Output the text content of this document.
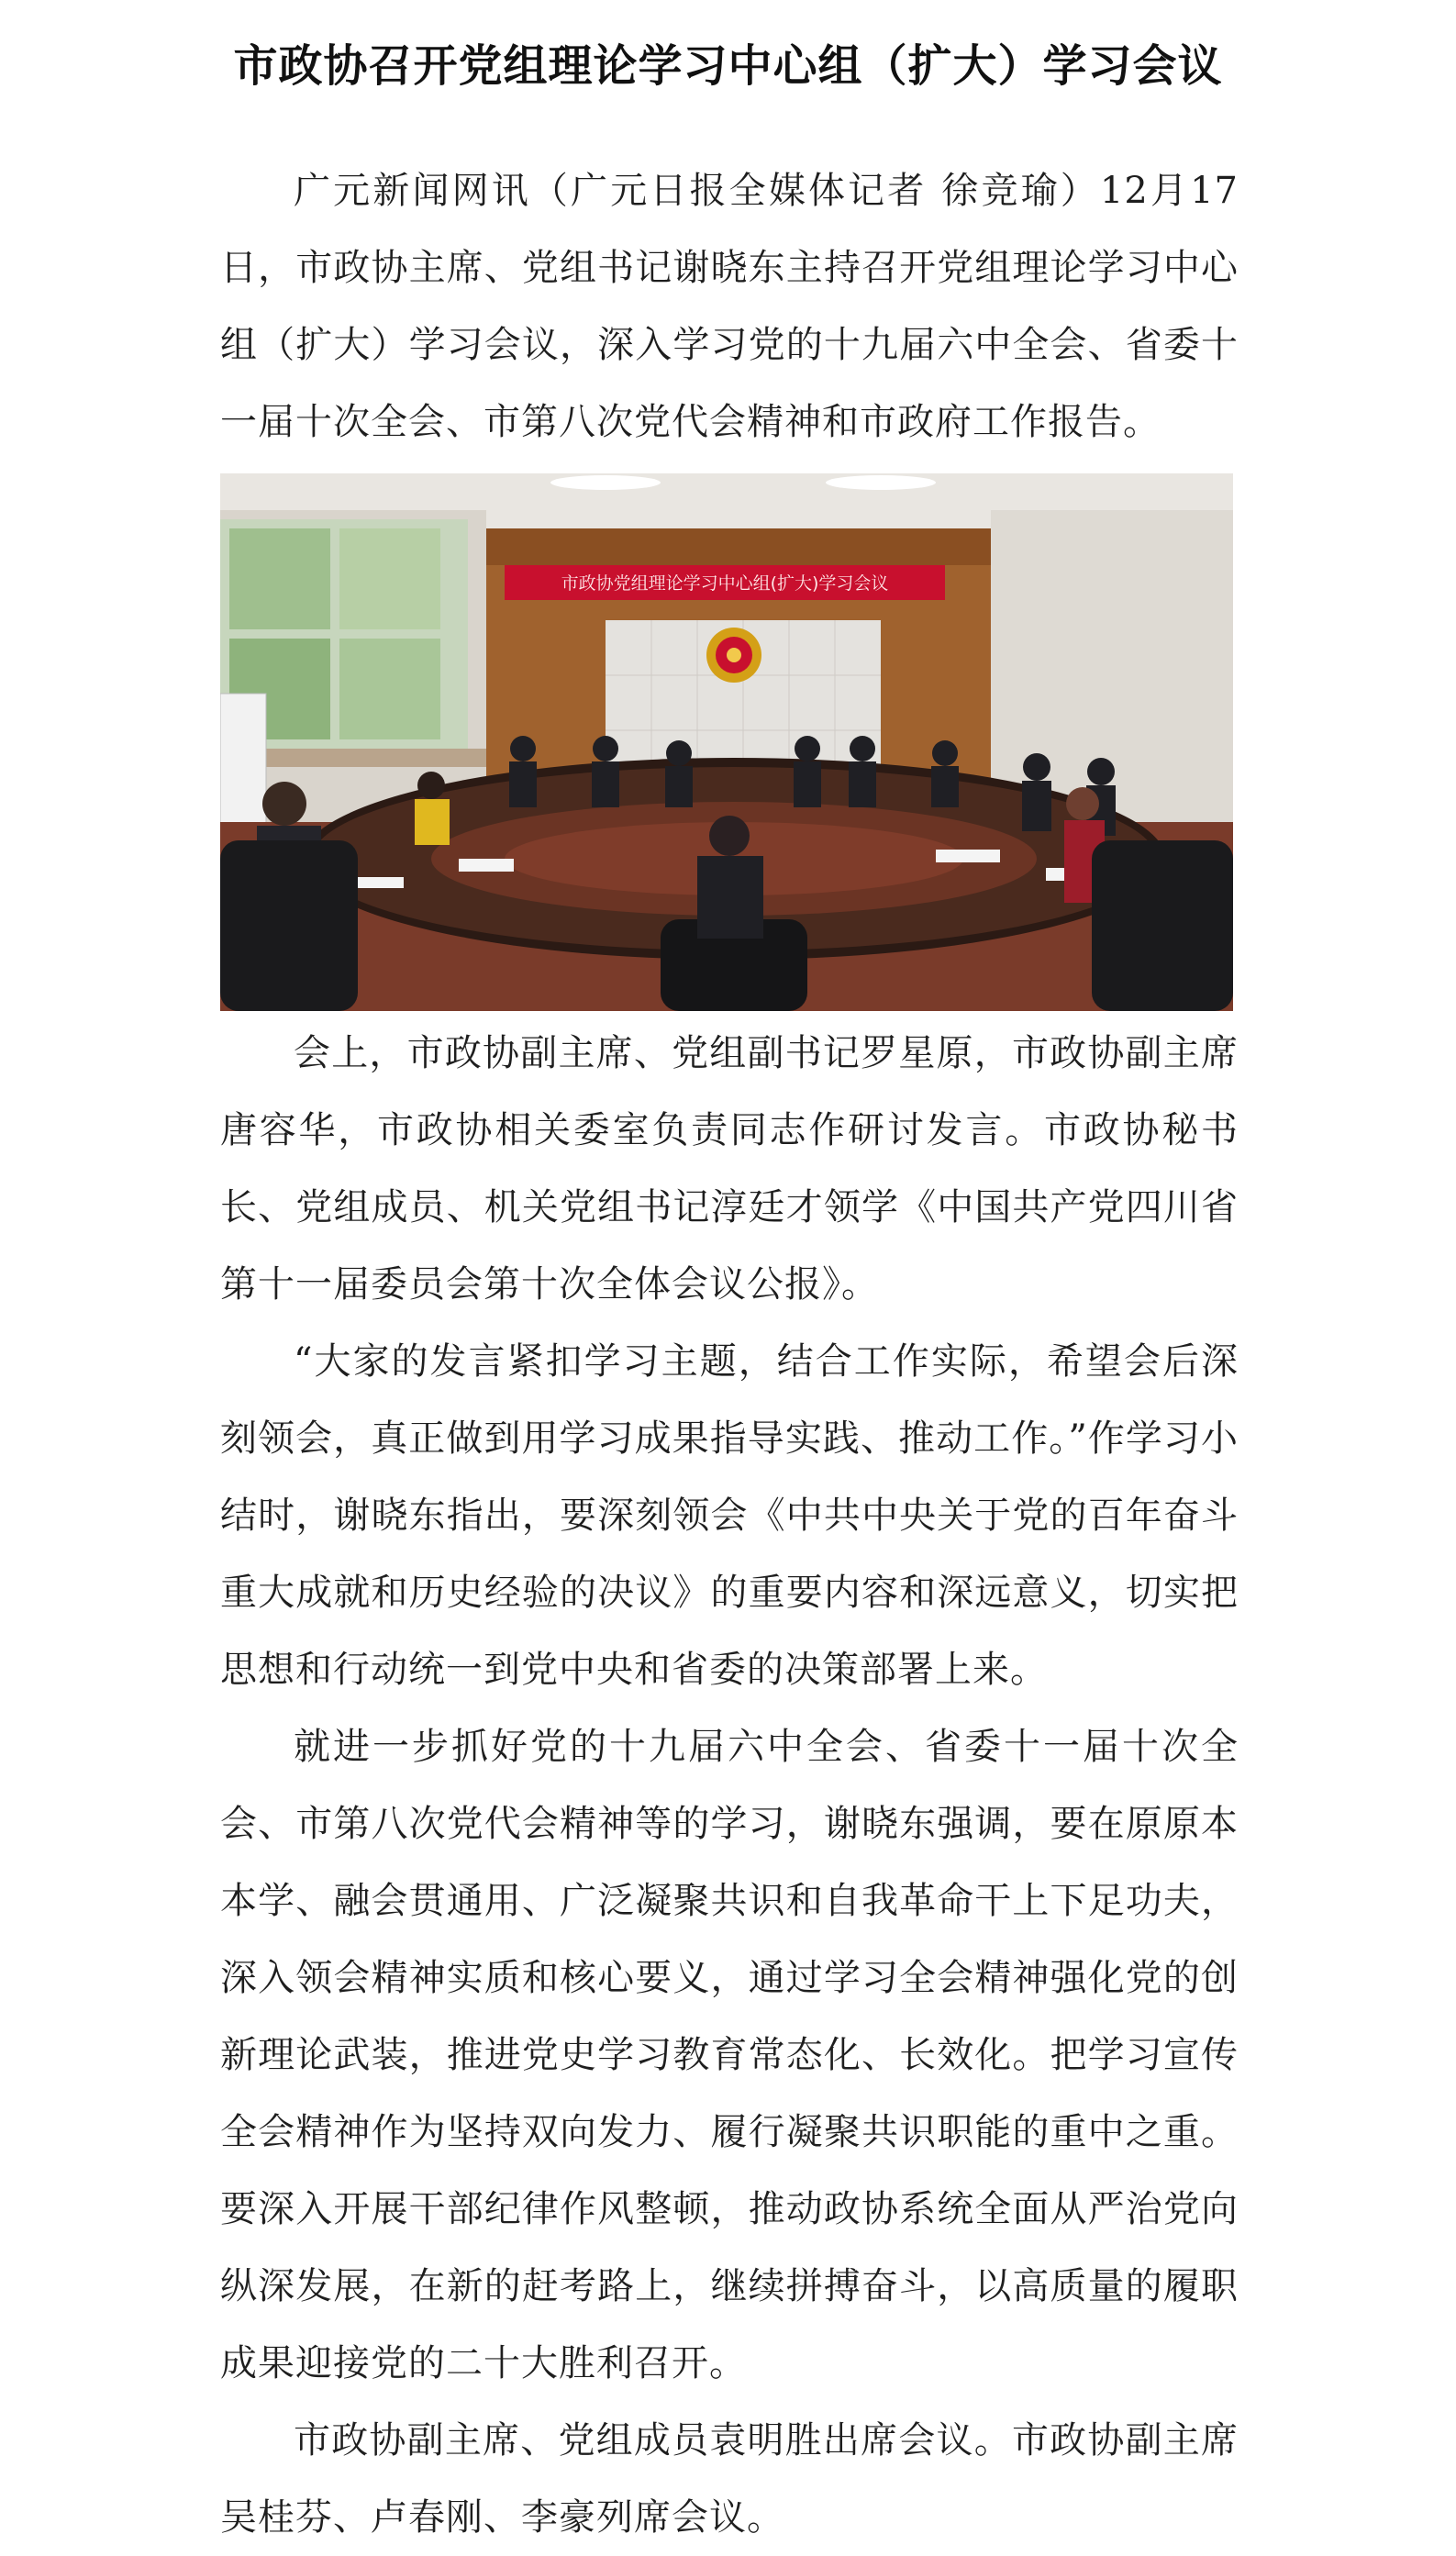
市政协召开党组理论学习中心组（扩大）学习会议

广元新闻网讯（广元日报全媒体记者 徐竞瑜）12月17日，市政协主席、党组书记谢晓东主持召开党组理论学习中心组（扩大）学习会议，深入学习党的十九届六中全会、省委十一届十次全会、市第八次党代会精神和市政府工作报告。

市政协党组理论学习中心组(扩大)学习会议

会上，市政协副主席、党组副书记罗星原，市政协副主席唐容华，市政协相关委室负责同志作研讨发言。市政协秘书长、党组成员、机关党组书记淳廷才领学《中国共产党四川省第十一届委员会第十次全体会议公报》。

“大家的发言紧扣学习主题，结合工作实际，希望会后深刻领会，真正做到用学习成果指导实践、推动工作。”作学习小结时，谢晓东指出，要深刻领会《中共中央关于党的百年奋斗重大成就和历史经验的决议》的重要内容和深远意义，切实把思想和行动统一到党中央和省委的决策部署上来。

就进一步抓好党的十九届六中全会、省委十一届十次全会、市第八次党代会精神等的学习，谢晓东强调，要在原原本本学、融会贯通用、广泛凝聚共识和自我革命干上下足功夫，深入领会精神实质和核心要义，通过学习全会精神强化党的创新理论武装，推进党史学习教育常态化、长效化。把学习宣传全会精神作为坚持双向发力、履行凝聚共识职能的重中之重。要深入开展干部纪律作风整顿，推动政协系统全面从严治党向纵深发展，在新的赶考路上，继续拼搏奋斗，以高质量的履职成果迎接党的二十大胜利召开。

市政协副主席、党组成员袁明胜出席会议。市政协副主席吴桂芬、卢春刚、李豪列席会议。
